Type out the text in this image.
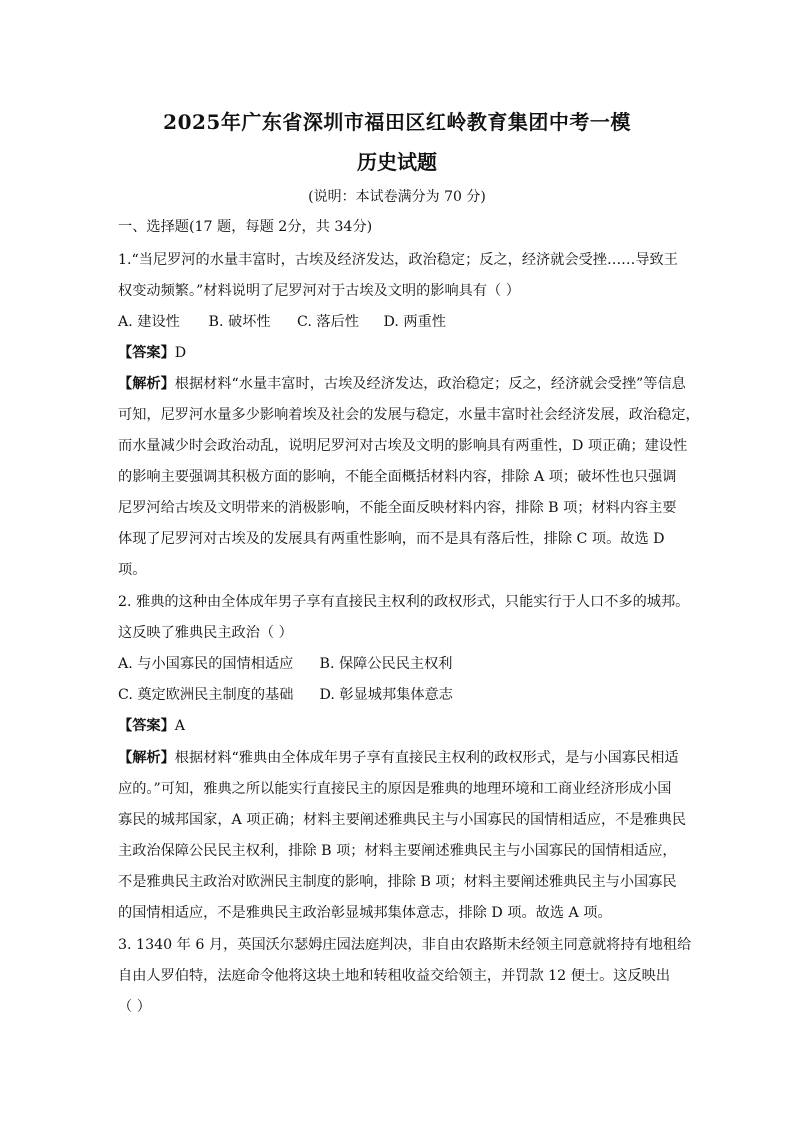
2025年广东省深圳市福田区红岭教育集团中考一模
历史试题
(说明：本试卷满分为 70 分)
一、选择题(17 题，每题 2分，共 34分)
1.“当尼罗河的水量丰富时，古埃及经济发达，政治稳定；反之，经济就会受挫……导致王
权变动频繁。”材料说明了尼罗河对于古埃及文明的影响具有（ ）
A. 建设性 B. 破坏性 C. 落后性 D. 两重性
【答案】D
【解析】根据材料“水量丰富时，古埃及经济发达，政治稳定；反之，经济就会受挫”等信息
可知，尼罗河水量多少影响着埃及社会的发展与稳定，水量丰富时社会经济发展，政治稳定，
而水量减少时会政治动乱，说明尼罗河对古埃及文明的影响具有两重性，D 项正确；建设性
的影响主要强调其积极方面的影响，不能全面概括材料内容，排除 A 项；破坏性也只强调
尼罗河给古埃及文明带来的消极影响，不能全面反映材料内容，排除 B 项；材料内容主要
体现了尼罗河对古埃及的发展具有两重性影响，而不是具有落后性，排除 C 项。故选 D
项。
2. 雅典的这种由全体成年男子享有直接民主权利的政权形式，只能实行于人口不多的城邦。
这反映了雅典民主政治（ ）
A. 与小国寡民的国情相适应 B. 保障公民民主权利
C. 奠定欧洲民主制度的基础 D. 彰显城邦集体意志
【答案】A
【解析】根据材料“雅典由全体成年男子享有直接民主权利的政权形式，是与小国寡民相适
应的。”可知，雅典之所以能实行直接民主的原因是雅典的地理环境和工商业经济形成小国
寡民的城邦国家，A 项正确；材料主要阐述雅典民主与小国寡民的国情相适应，不是雅典民
主政治保障公民民主权利，排除 B 项；材料主要阐述雅典民主与小国寡民的国情相适应，
不是雅典民主政治对欧洲民主制度的影响，排除 B 项；材料主要阐述雅典民主与小国寡民
的国情相适应，不是雅典民主政治彰显城邦集体意志，排除 D 项。故选 A 项。
3. 1340 年 6 月，英国沃尔瑟姆庄园法庭判决，非自由农路斯未经领主同意就将持有地租给
自由人罗伯特，法庭命令他将这块土地和转租收益交给领主，并罚款 12 便士。这反映出
（ ）
